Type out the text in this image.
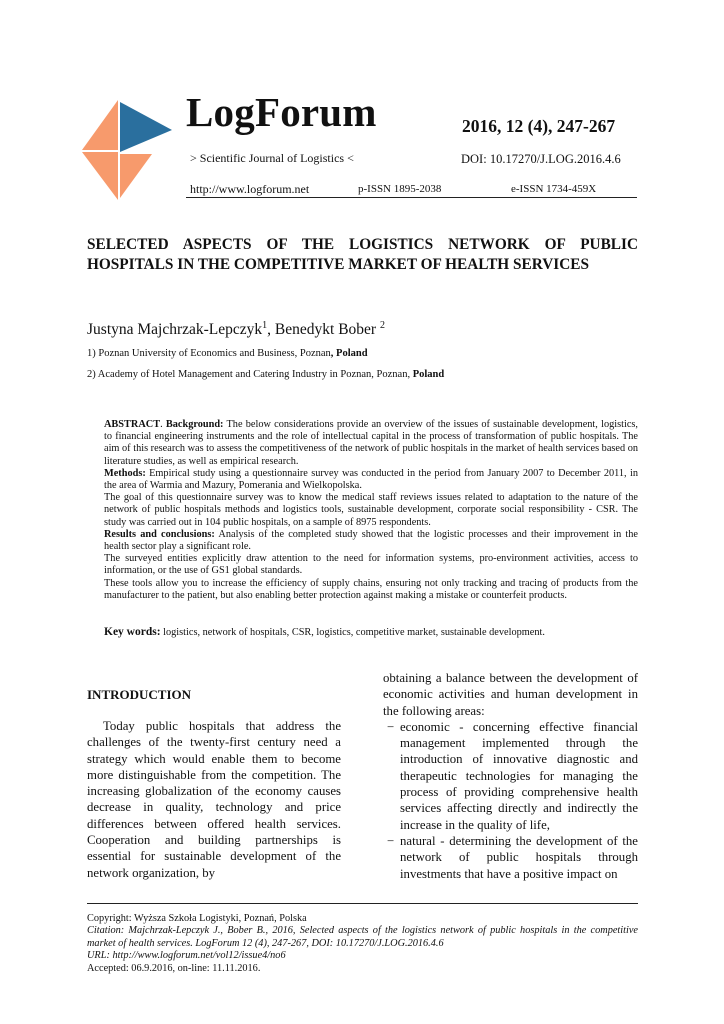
LogForum
> Scientific Journal of Logistics <
http://www.logforum.net	p-ISSN 1895-2038	e-ISSN 1734-459X
2016, 12 (4), 247-267
DOI: 10.17270/J.LOG.2016.4.6
SELECTED ASPECTS OF THE LOGISTICS NETWORK OF PUBLIC HOSPITALS IN THE COMPETITIVE MARKET OF HEALTH SERVICES
Justyna Majchrzak-Lepczyk$^1$, Benedykt Bober $^2$
1) Poznan University of Economics and Business, Poznan, Poland
2) Academy of Hotel Management and Catering Industry in Poznan, Poznan, Poland

ABSTRACT. Background: The below considerations provide an overview of the issues of sustainable development, logistics, to financial engineering instruments and the role of intellectual capital in the process of transformation of public hospitals. The aim of this research was to assess the competitiveness of the network of public hospitals in the market of health services based on literature studies, as well as empirical research.

Methods: Empirical study using a questionnaire survey was conducted in the period from January 2007 to December 2011, in the area of Warmia and Mazury, Pomerania and Wielkopolska.

The goal of this questionnaire survey was to know the medical staff reviews issues related to adaptation to the nature of the network of public hospitals methods and logistics tools, sustainable development, corporate social responsibility - CSR. The study was carried out in 104 public hospitals, on a sample of 8975 respondents.

Results and conclusions: Analysis of the completed study showed that the logistic processes and their improvement in the health sector play a significant role.

The surveyed entities explicitly draw attention to the need for information systems, pro-environment activities, access to information, or the use of GS1 global standards.

These tools allow you to increase the efficiency of supply chains, ensuring not only tracking and tracing of products from the manufacturer to the patient, but also enabling better protection against making a mistake or counterfeit products.

Key words: logistics, network of hospitals, CSR, logistics, competitive market, sustainable development.
INTRODUCTION
Today public hospitals that address the challenges of the twenty-first century need a strategy which would enable them to become more distinguishable from the competition. The increasing globalization of the economy causes decrease in quality, technology and price differences between offered health services. Cooperation and building partnerships is essential for sustainable development of the network organization, by

obtaining a balance between the development of economic activities and human development in the following areas:

− economic - concerning effective financial management implemented through the introduction of innovative diagnostic and therapeutic technologies for managing the process of providing comprehensive health services affecting directly and indirectly the increase in the quality of life,
− natural - determining the development of the network of public hospitals through investments that have a positive impact on
Copyright: Wyższa Szkoła Logistyki, Poznań, Polska
Citation: Majchrzak-Lepczyk J., Bober B., 2016, Selected aspects of the logistics network of public hospitals in the competitive market of health services. LogForum 12 (4), 247-267, DOI: 10.17270/J.LOG.2016.4.6
URL: http://www.logforum.net/vol12/issue4/no6
Accepted: 06.9.2016, on-line: 11.11.2016.
